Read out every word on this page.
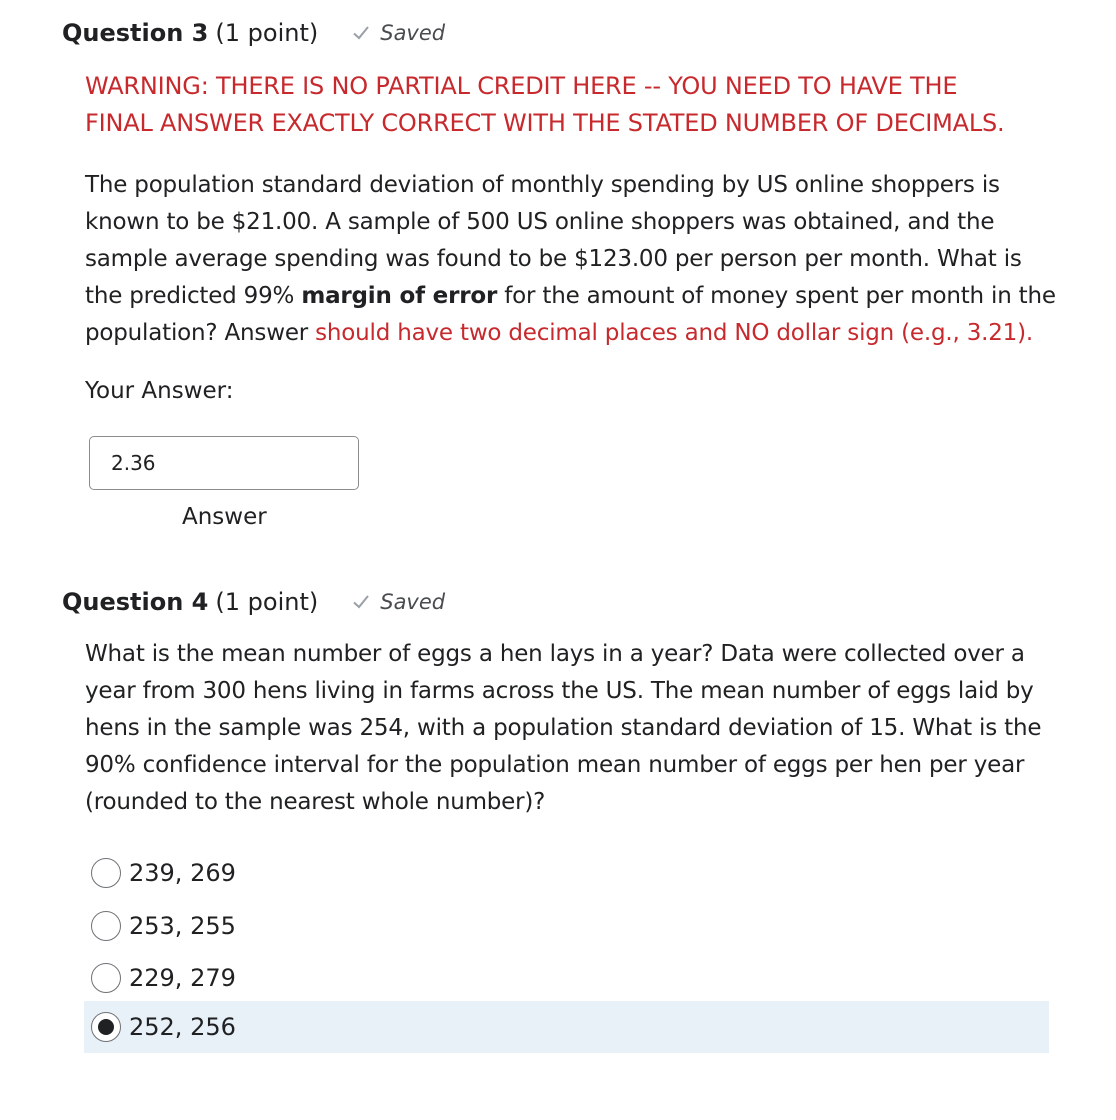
Question 3 (1 point)	Saved

WARNING: THERE IS NO PARTIAL CREDIT HERE -- YOU NEED TO HAVE THE

FINAL ANSWER EXACTLY CORRECT WITH THE STATED NUMBER OF DECIMALS.

The population standard deviation of monthly spending by US online shoppers is

known to be $21.00. A sample of 500 US online shoppers was obtained, and the

sample average spending was found to be $123.00 per person per month. What is

the predicted 99% margin of error for the amount of money spent per month in the

population? Answer should have two decimal places and NO dollar sign (e.g., 3.21).

Your Answer:
2.36
Answer
Question 4 (1 point)	Saved

What is the mean number of eggs a hen lays in a year? Data were collected over a

year from 300 hens living in farms across the US. The mean number of eggs laid by

hens in the sample was 254, with a population standard deviation of 15. What is the

90% confidence interval for the population mean number of eggs per hen per year

(rounded to the nearest whole number)?

239, 269
253, 255
229, 279
252, 256
